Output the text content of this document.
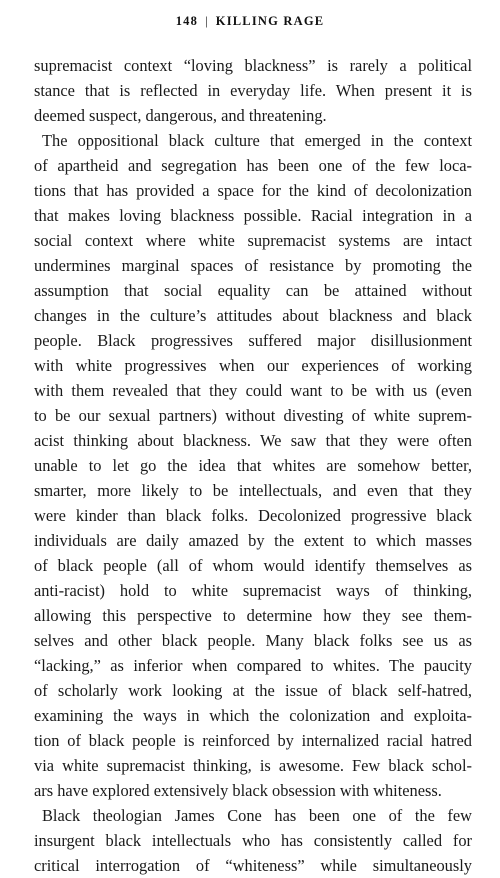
148 | KILLING RAGE
supremacist context “loving blackness” is rarely a political
stance that is reflected in everyday life. When present it is
deemed suspect, dangerous, and threatening.
The oppositional black culture that emerged in the context
of apartheid and segregation has been one of the few loca-
tions that has provided a space for the kind of decolonization
that makes loving blackness possible. Racial integration in a
social context where white supremacist systems are intact
undermines marginal spaces of resistance by promoting the
assumption that social equality can be attained without
changes in the culture’s attitudes about blackness and black
people. Black progressives suffered major disillusionment
with white progressives when our experiences of working
with them revealed that they could want to be with us (even
to be our sexual partners) without divesting of white suprem-
acist thinking about blackness. We saw that they were often
unable to let go the idea that whites are somehow better,
smarter, more likely to be intellectuals, and even that they
were kinder than black folks. Decolonized progressive black
individuals are daily amazed by the extent to which masses
of black people (all of whom would identify themselves as
anti-racist) hold to white supremacist ways of thinking,
allowing this perspective to determine how they see them-
selves and other black people. Many black folks see us as
“lacking,” as inferior when compared to whites. The paucity
of scholarly work looking at the issue of black self-hatred,
examining the ways in which the colonization and exploita-
tion of black people is reinforced by internalized racial hatred
via white supremacist thinking, is awesome. Few black schol-
ars have explored extensively black obsession with whiteness.
Black theologian James Cone has been one of the few
insurgent black intellectuals who has consistently called for
critical interrogation of “whiteness” while simultaneously
